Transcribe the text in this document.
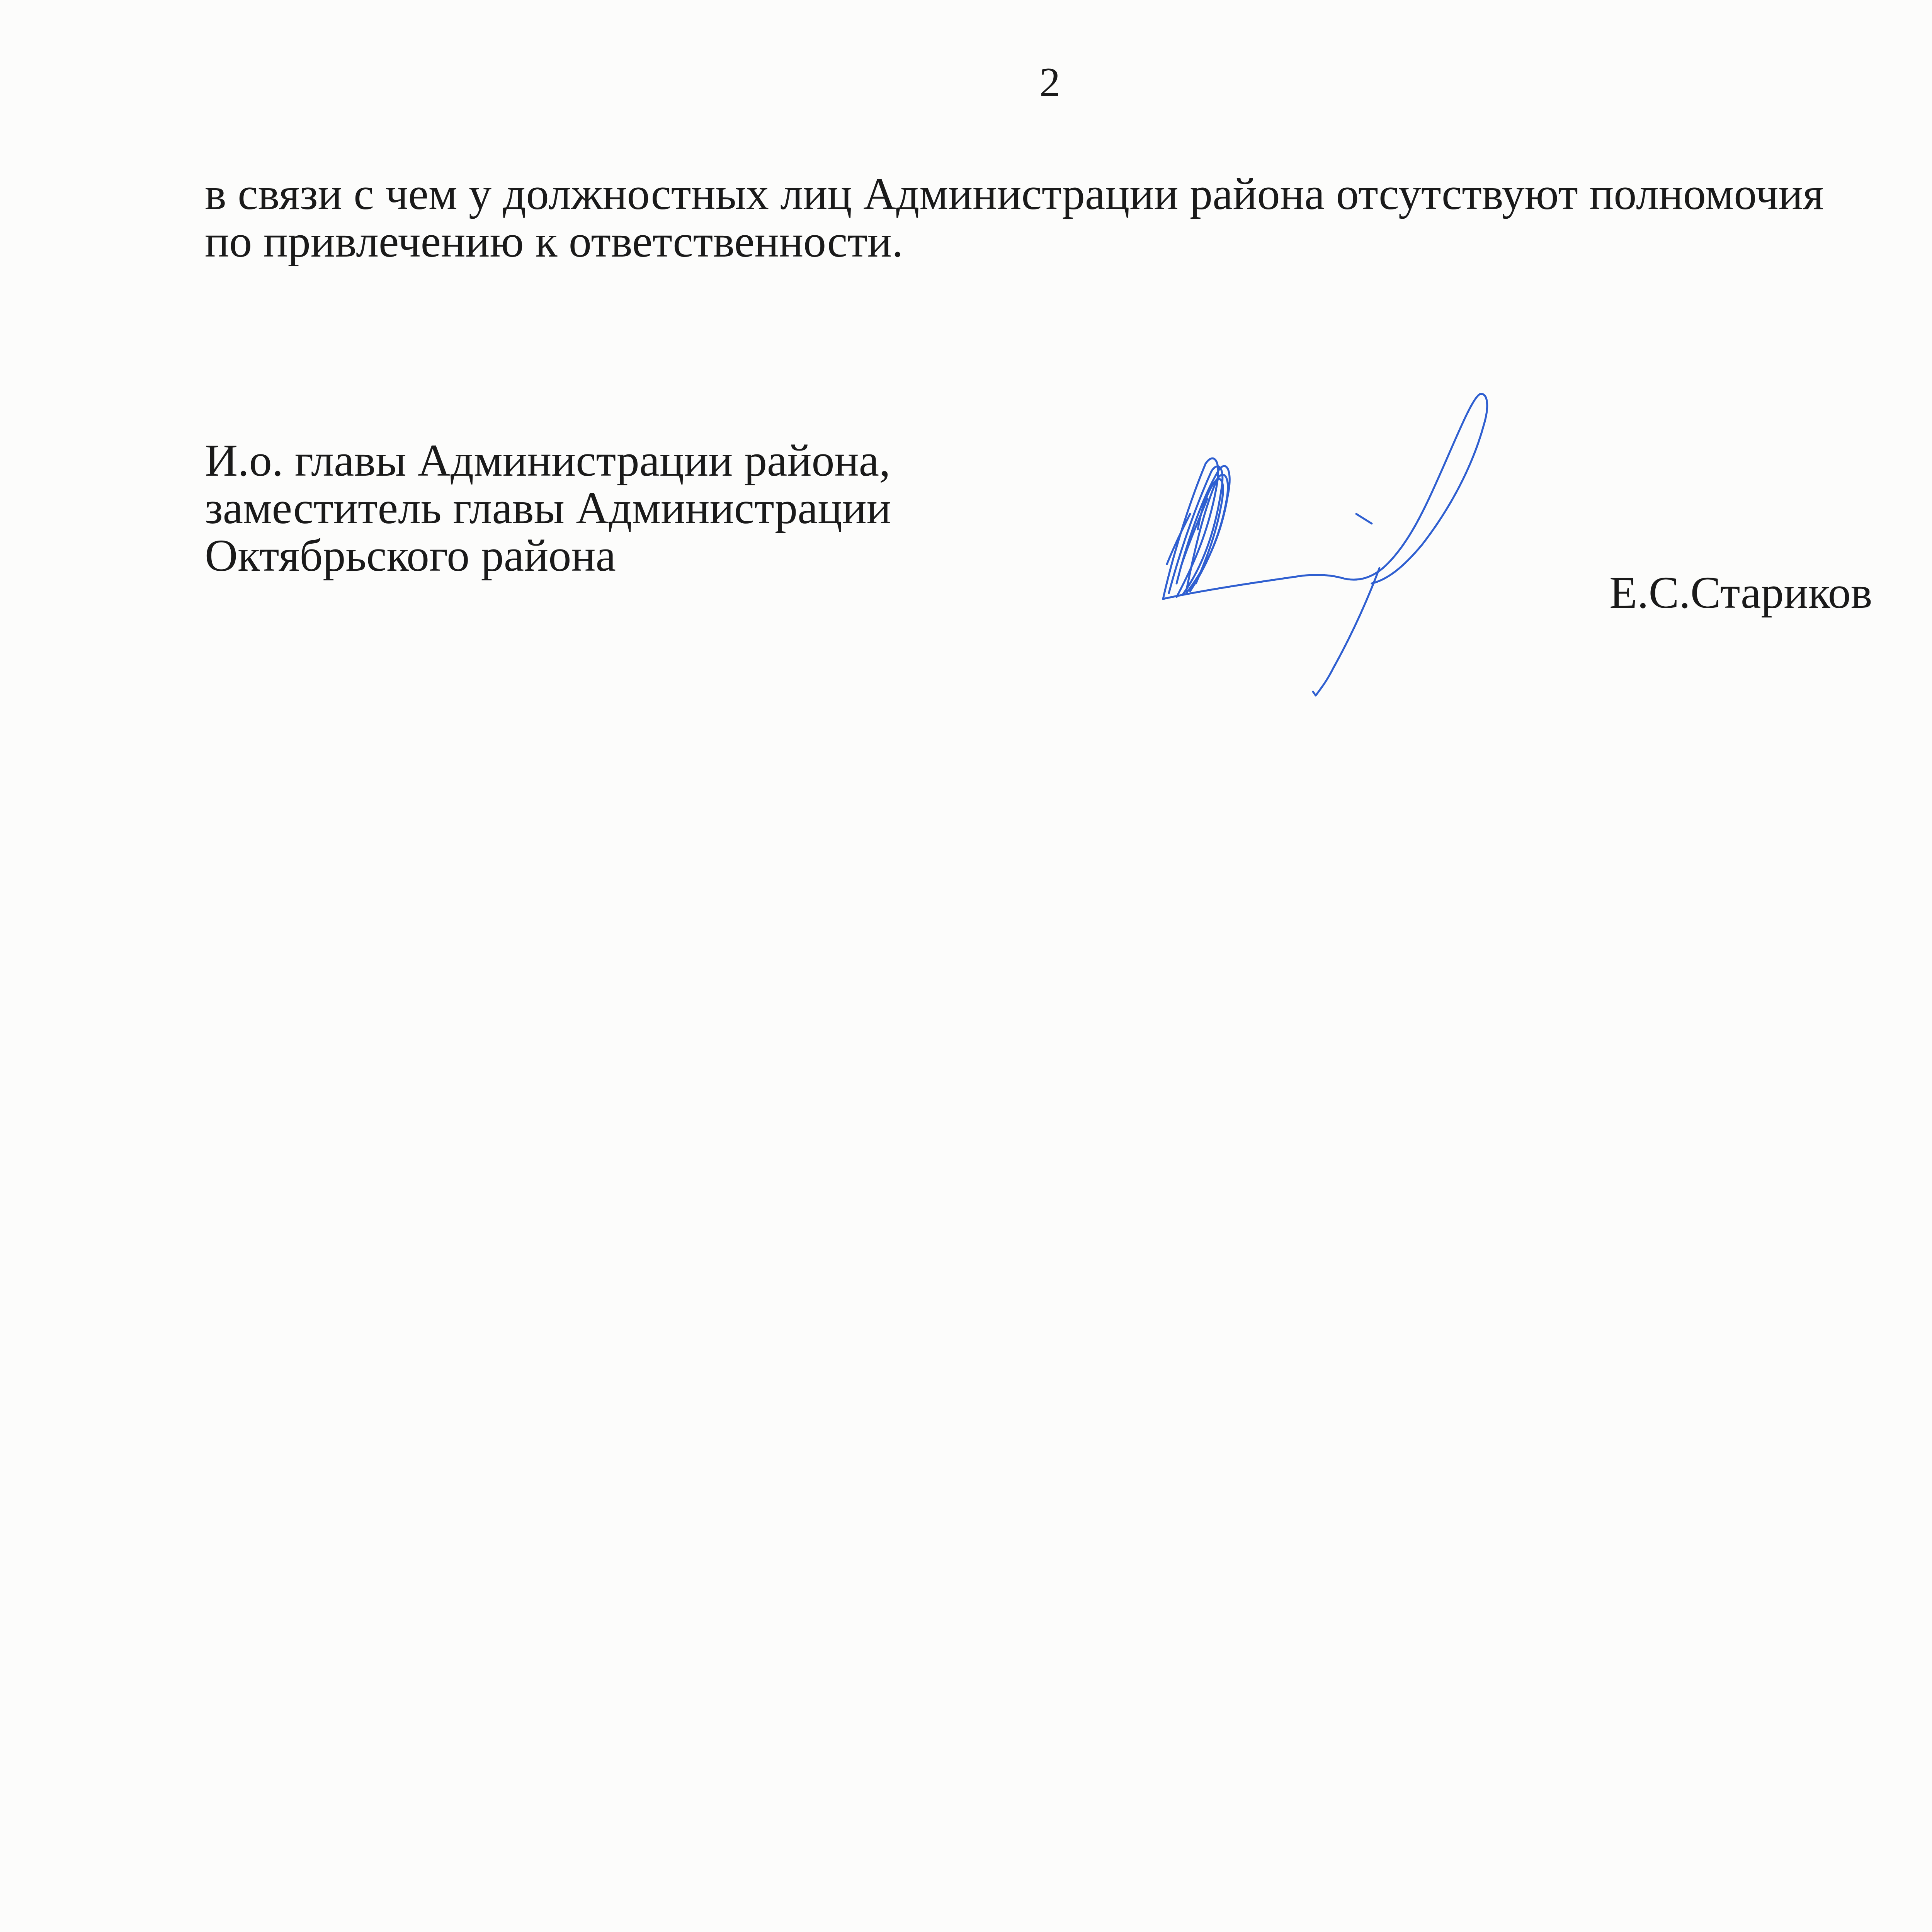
2
в связи с чем у должностных лиц Администрации района отсутствуют полномочия
по привлечению к ответственности.
И.о. главы Администрации района,
заместитель главы Администрации
Октябрьского района
Е.С.Стариков
